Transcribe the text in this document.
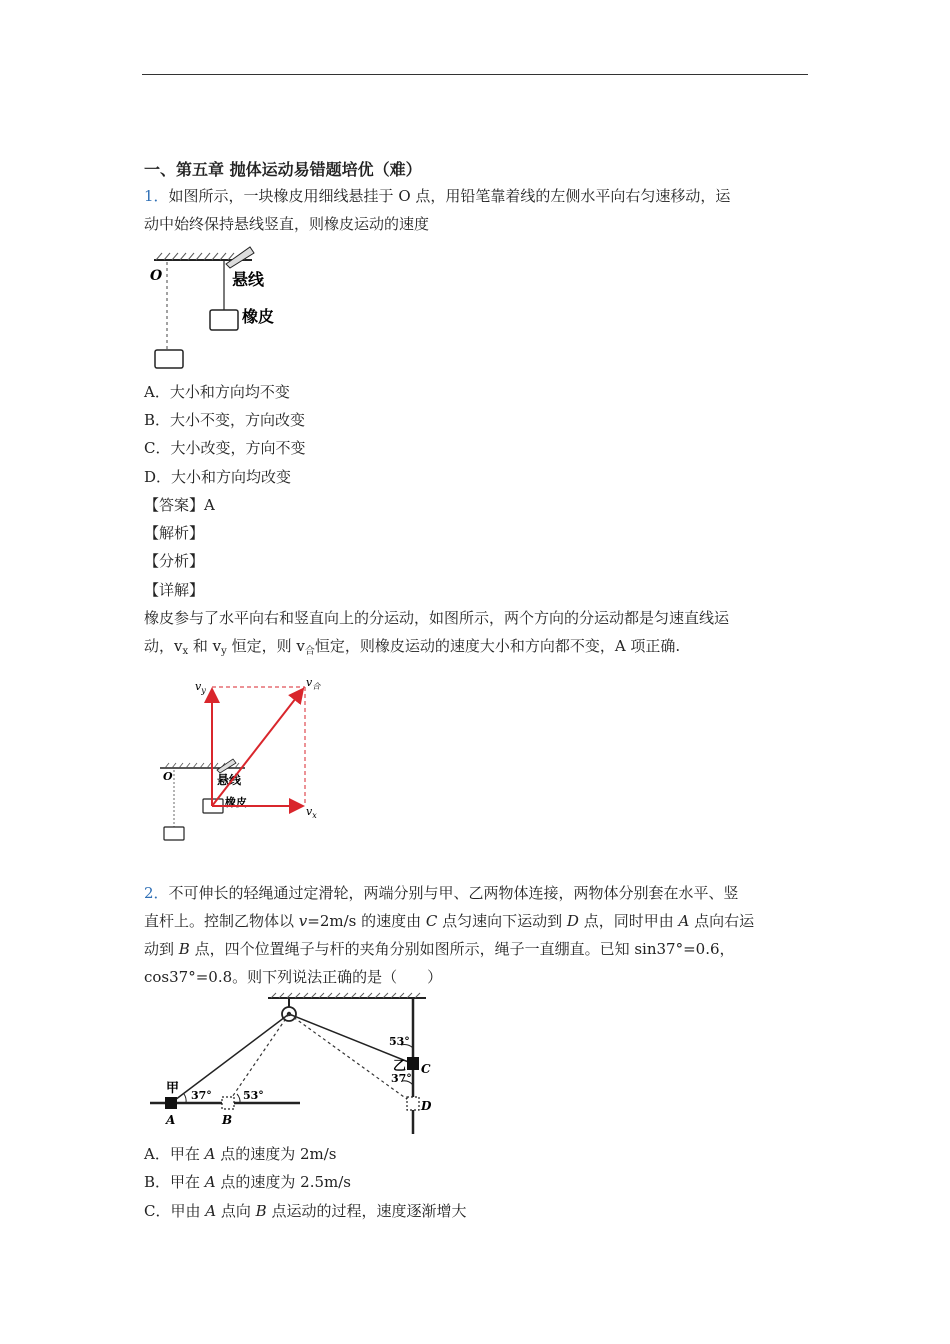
一、第五章 抛体运动易错题培优（难）
1．如图所示，一块橡皮用细线悬挂于 O 点，用铅笔靠着线的左侧水平向右匀速移动，运
动中始终保持悬线竖直，则橡皮运动的速度
O	悬线
橡皮
A．大小和方向均不变
B．大小不变，方向改变
C．大小改变，方向不变
D．大小和方向均改变
【答案】A
【解析】
【分析】
【详解】
橡皮参与了水平向右和竖直向上的分运动，如图所示，两个方向的分运动都是匀速直线运
动，$v_x$ 和 $v_y$ 恒定，则 $v_合$恒定，则橡皮运动的速度大小和方向都不变，A 项正确.
O	悬线
橡皮
$v_y$
$v_合$
$v_x$
2．不可伸长的轻绳通过定滑轮，两端分别与甲、乙两物体连接，两物体分别套在水平、竖
直杆上。控制乙物体以 v=2m/s 的速度由 C 点匀速向下运动到 D 点，同时甲由 A 点向右运
动到 B 点，四个位置绳子与杆的夹角分别如图所示，绳子一直绷直。已知 sin37°=0.6，
cos37°=0.8。则下列说法正确的是（　　）
甲 37°	53°
53°
37°
乙
A	B
C
D
A．甲在 A 点的速度为 2m/s
B．甲在 A 点的速度为 2.5m/s
C．甲由 A 点向 B 点运动的过程，速度逐渐增大
